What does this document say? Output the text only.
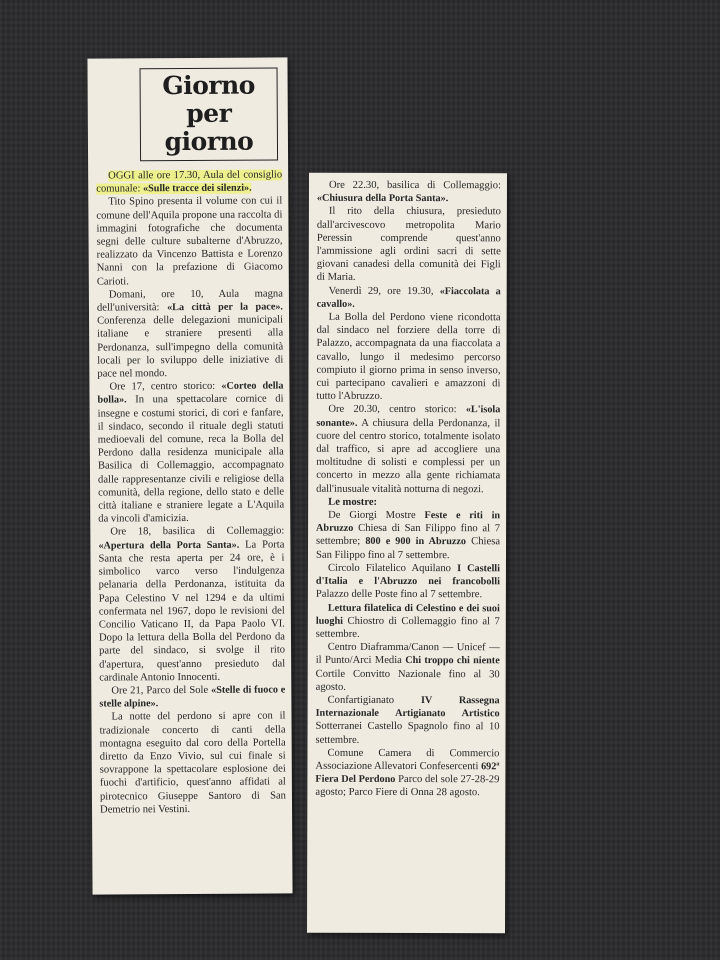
Giorno
per giorno

OGGI alle ore 17.30, Aula del consiglio comunale: «Sulle tracce dei silenzi».

Tito Spino presenta il volume con cui il comune dell'Aquila propone una raccolta di immagini fotografiche che documenta segni delle culture subalterne d'Abruzzo, realizzato da Vincenzo Battista e Lorenzo Nanni con la prefazione di Giacomo Carioti.

Domani, ore 10, Aula magna dell'università: «La città per la pace». Conferenza delle delegazioni municipali italiane e straniere presenti alla Perdonanza, sull'impegno della comunità locali per lo sviluppo delle iniziative di pace nel mondo.

Ore 17, centro storico: «Corteo della bolla». In una spettacolare cornice di insegne e costumi storici, di cori e fanfare, il sindaco, secondo il rituale degli statuti medioevali del comune, reca la Bolla del Perdono dalla residenza municipale alla Basilica di Collemaggio, accompagnato dalle rappresentanze civili e religiose della comunità, della regione, dello stato e delle città italiane e straniere legate a L'Aquila da vincoli d'amicizia.

Ore 18, basilica di Collemaggio: «Apertura della Porta Santa». La Porta Santa che resta aperta per 24 ore, è i simbolico varco verso l'indulgenza pelanaria della Perdonanza, istituita da Papa Celestino V nel 1294 e da ultimi confermata nel 1967, dopo le revisioni del Concilio Vaticano II, da Papa Paolo VI. Dopo la lettura della Bolla del Perdono da parte del sindaco, si svolge il rito d'apertura, quest'anno presieduto dal cardinale Antonio Innocenti.

Ore 21, Parco del Sole «Stelle di fuoco e stelle alpine».

La notte del perdono si apre con il tradizionale concerto di canti della montagna eseguito dal coro della Portella diretto da Enzo Vivio, sul cui finale si sovrappone la spettacolare esplosione dei fuochi d'artificio, quest'anno affidati al pirotecnico Giuseppe Santoro di San Demetrio nei Vestini.

Ore 22.30, basilica di Collemaggio: «Chiusura della Porta Santa».

Il rito della chiusura, presieduto dall'arcivescovo metropolita Mario Peressin comprende quest'anno l'ammissione agli ordini sacri di sette giovani canadesi della comunità dei Figli di Maria.

Venerdì 29, ore 19.30, «Fiaccolata a cavallo».

La Bolla del Perdono viene ricondotta dal sindaco nel forziere della torre di Palazzo, accompagnata da una fiaccolata a cavallo, lungo il medesimo percorso compiuto il giorno prima in senso inverso, cui partecipano cavalieri e amazzoni di tutto l'Abruzzo.

Ore 20.30, centro storico: «L'isola sonante». A chiusura della Perdonanza, il cuore del centro storico, totalmente isolato dal traffico, si apre ad accogliere una moltitudne di solisti e complessi per un concerto in mezzo alla gente richiamata dall'inusuale vitalità notturna di negozi.

Le mostre:

De Giorgi Mostre Feste e riti in Abruzzo Chiesa di San Filippo fino al 7 settembre; 800 e 900 in Abruzzo Chiesa San Filippo fino al 7 settembre.

Circolo Filatelico Aquilano I Castelli d'Italia e l'Abruzzo nei francobolli Palazzo delle Poste fino al 7 settembre.

Lettura filatelica di Celestino e dei suoi luoghi Chiostro di Collemaggio fino al 7 settembre.

Centro Diaframma/Canon — Unicef — il Punto/Arci Media Chi troppo chi niente Cortile Convitto Nazionale fino al 30 agosto.

Confartigianato IV Rassegna Internazionale Artigianato Artistico Sotterranei Castello Spagnolo fino al 10 settembre.

Comune Camera di Commercio Associazione Allevatori Confesercenti 692ª Fiera Del Perdono Parco del sole 27-28-29 agosto; Parco Fiere di Onna 28 agosto.
